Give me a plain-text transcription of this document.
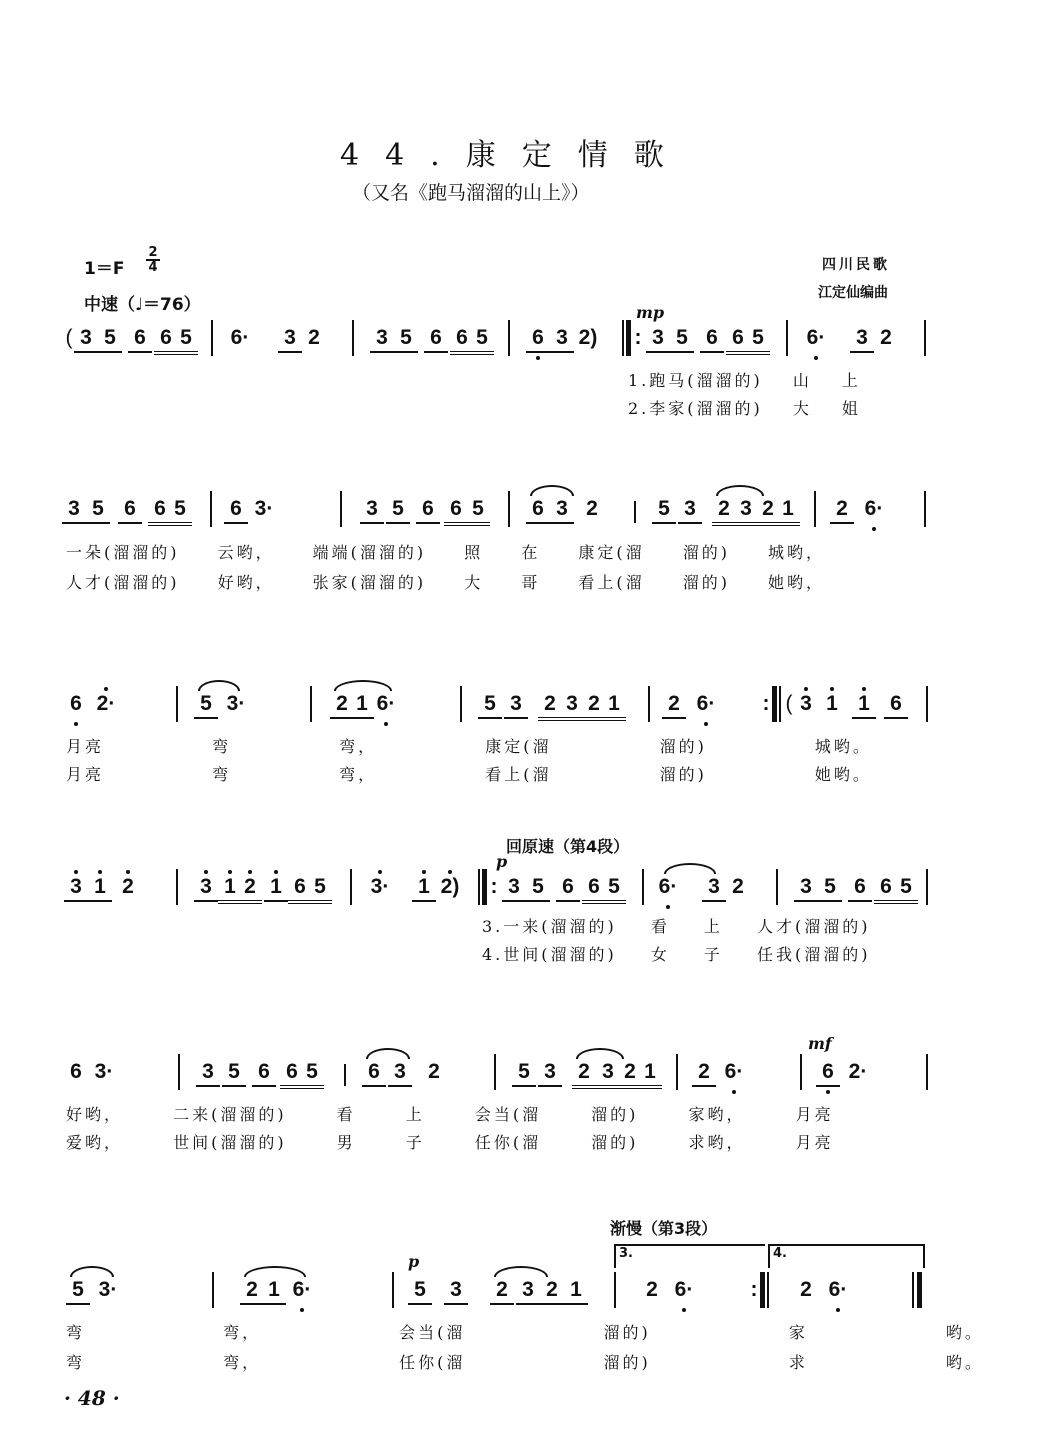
44.康定情歌
（又名《跑马溜溜的山上》）
1＝F
2
4
中速（♩＝76）
四川民歌
江定仙编曲
mp
( 3 5 6 6 5 6· 3 2	3 5 6 6 5 6 3 2) : 3 5 6 6 5 6· 3 2
1.跑马(溜溜的) 山 上
2.李家(溜溜的) 大 姐
3 5 6 6 5 6 3·	3 5 6 6 5 6 3 2	5 3 2 3 2 1 2 6·
一朵(溜溜的) 云哟， 端端(溜溜的) 照 在 康定(溜 溜的) 城哟，
人才(溜溜的) 好哟， 张家(溜溜的) 大 哥 看上(溜 溜的) 她哟，
6 2·	5 3·	2 1 6·	5 3 2 3 2 1 2 6· : ( 3 1 1 6
月亮 弯 弯， 康定(溜 溜的) 城哟。
月亮 弯 弯， 看上(溜 溜的) 她哟。
回原速（第4段）
p
3 1 2	3 1 2 1 6 5 3· 1 2) : 3 5 6 6 5 6· 3 2	3 5 6 6 5
3.一来(溜溜的) 看 上 人才(溜溜的)
4.世间(溜溜的) 女 子 任我(溜溜的)
mf
6 3·	3 5 6 6 5 6 3 2	5 3 2 3 2 1 2 6·	6 2·
好哟， 二来(溜溜的) 看 上 会当(溜 溜的) 家哟， 月亮
爱哟， 世间(溜溜的) 男 子 任你(溜 溜的) 求哟， 月亮
渐慢（第3段）
3.	4.
p
5 3·	2 1 6·	5 3 2 3 2 1	2 6·	: 2 6·
弯 弯， 会当(溜 溜的) 家 哟。
弯 弯， 任你(溜 溜的) 求 哟。
· 48 ·
